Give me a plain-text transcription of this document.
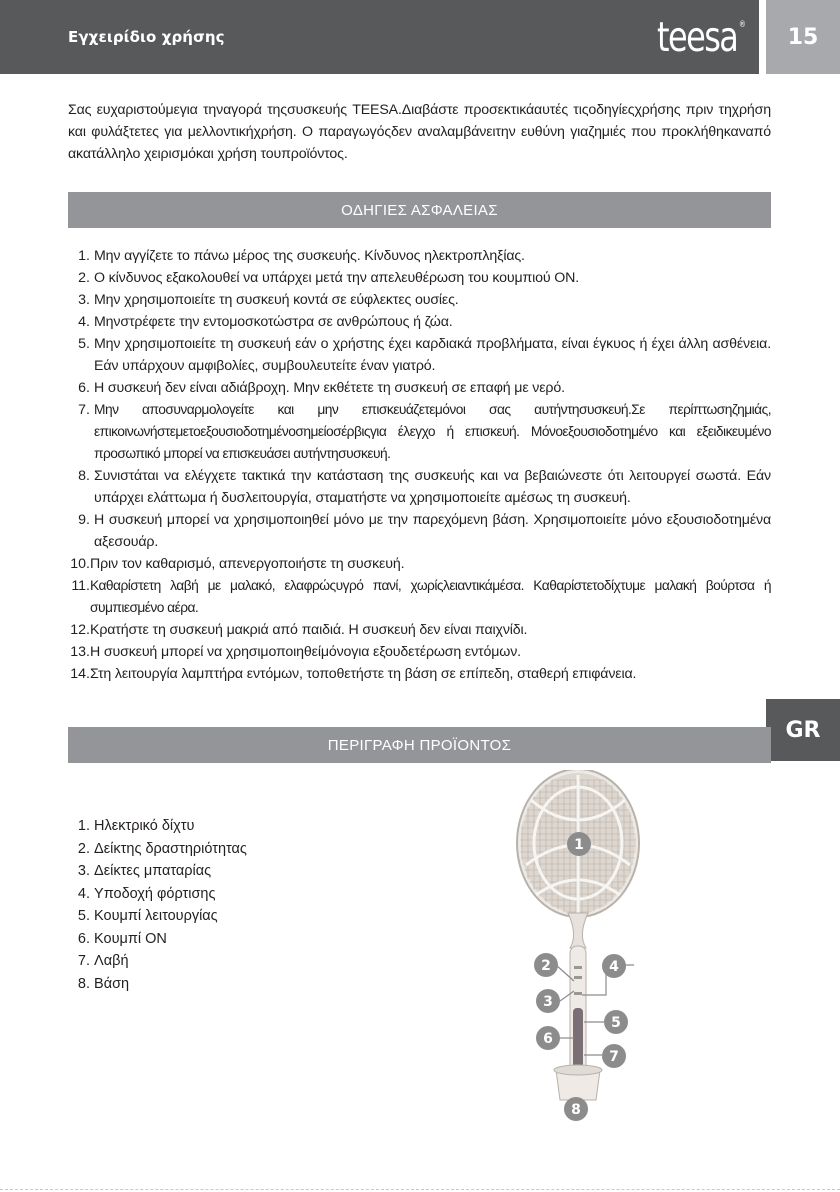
Εγχειρίδιο χρήσης	teesa®	15

Σας ευχαριστούμεγια τηναγορά τηςσυσκευής TEESA.Διαβάστε προσεκτικάαυτές τιςοδηγίεςχρήσης πριν τηχρήση και φυλάξτετες για μελλοντικήχρήση. Ο παραγωγόςδεν αναλαμβάνειτην ευθύνη γιαζημιές που προκλήθηκαναπό ακατάλληλο χειρισμόκαι χρήση τουπροϊόντος.

ΟΔΗΓΙΕΣ ΑΣΦΑΛΕΙΑΣ
1. Μην αγγίζετε το πάνω μέρος της συσκευής. Κίνδυνος ηλεκτροπληξίας.
2. Ο κίνδυνος εξακολουθεί να υπάρχει μετά την απελευθέρωση του κουμπιού ON.
3. Μην χρησιμοποιείτε τη συσκευή κοντά σε εύφλεκτες ουσίες.
4. Μηνστρέφετε την εντομοσκοτώστρα σε ανθρώπους ή ζώα.
5. Μην χρησιμοποιείτε τη συσκευή εάν ο χρήστης έχει καρδιακά προβλήματα, είναι έγκυος ή έχει άλλη ασθένεια. Εάν υπάρχουν αμφιβολίες, συμβουλευτείτε έναν γιατρό.
6. Η συσκευή δεν είναι αδιάβροχη. Μην εκθέτετε τη συσκευή σε επαφή με νερό.
7. Μην αποσυναρμολογείτε και μην επισκευάζετεμόνοι σας αυτήντησυσκευή.Σε περίπτωσηζημιάς, επικοινωνήστεμετοεξουσιοδοτημένοσημείοσέρβιςγια έλεγχο ή επισκευή. Μόνοεξουσιοδοτημένο και εξειδικευμένο προσωπικό μπορεί να επισκευάσει αυτήντησυσκευή.
8. Συνιστάται να ελέγχετε τακτικά την κατάσταση της συσκευής και να βεβαιώνεστε ότι λειτουργεί σωστά. Εάν υπάρχει ελάττωμα ή δυσλειτουργία, σταματήστε να χρησιμοποιείτε αμέσως τη συσκευή.
9. Η συσκευή μπορεί να χρησιμοποιηθεί μόνο με την παρεχόμενη βάση. Χρησιμοποιείτε μόνο εξουσιοδοτημένα αξεσουάρ.
10. Πριν τον καθαρισμό, απενεργοποιήστε τη συσκευή.
11. Καθαρίστετη λαβή με μαλακό, ελαφρώςυγρό πανί, χωρίςλειαντικάμέσα. Καθαρίστετοδίχτυμε μαλακή βούρτσα ή συμπιεσμένο αέρα.
12. Κρατήστε τη συσκευή μακριά από παιδιά. Η συσκευή δεν είναι παιχνίδι.
13. Η συσκευή μπορεί να χρησιμοποιηθείμόνογια εξουδετέρωση εντόμων.
14. Στη λειτουργία λαμπτήρα εντόμων, τοποθετήστε τη βάση σε επίπεδη, σταθερή επιφάνεια.
GR
ΠΕΡΙΓΡΑΦΗ ΠΡΟΪΟΝΤΟΣ
1.
Ηλεκτρικό δίχτυ
2.
Δείκτης δραστηριότητας
3.
Δείκτες μπαταρίας
4.
Υποδοχή φόρτισης
5.
Κουμπί λειτουργίας
6.
Κουμπί ON
7.
Λαβή
8.
Βάση
1
2
3
4
5
6
7
8
